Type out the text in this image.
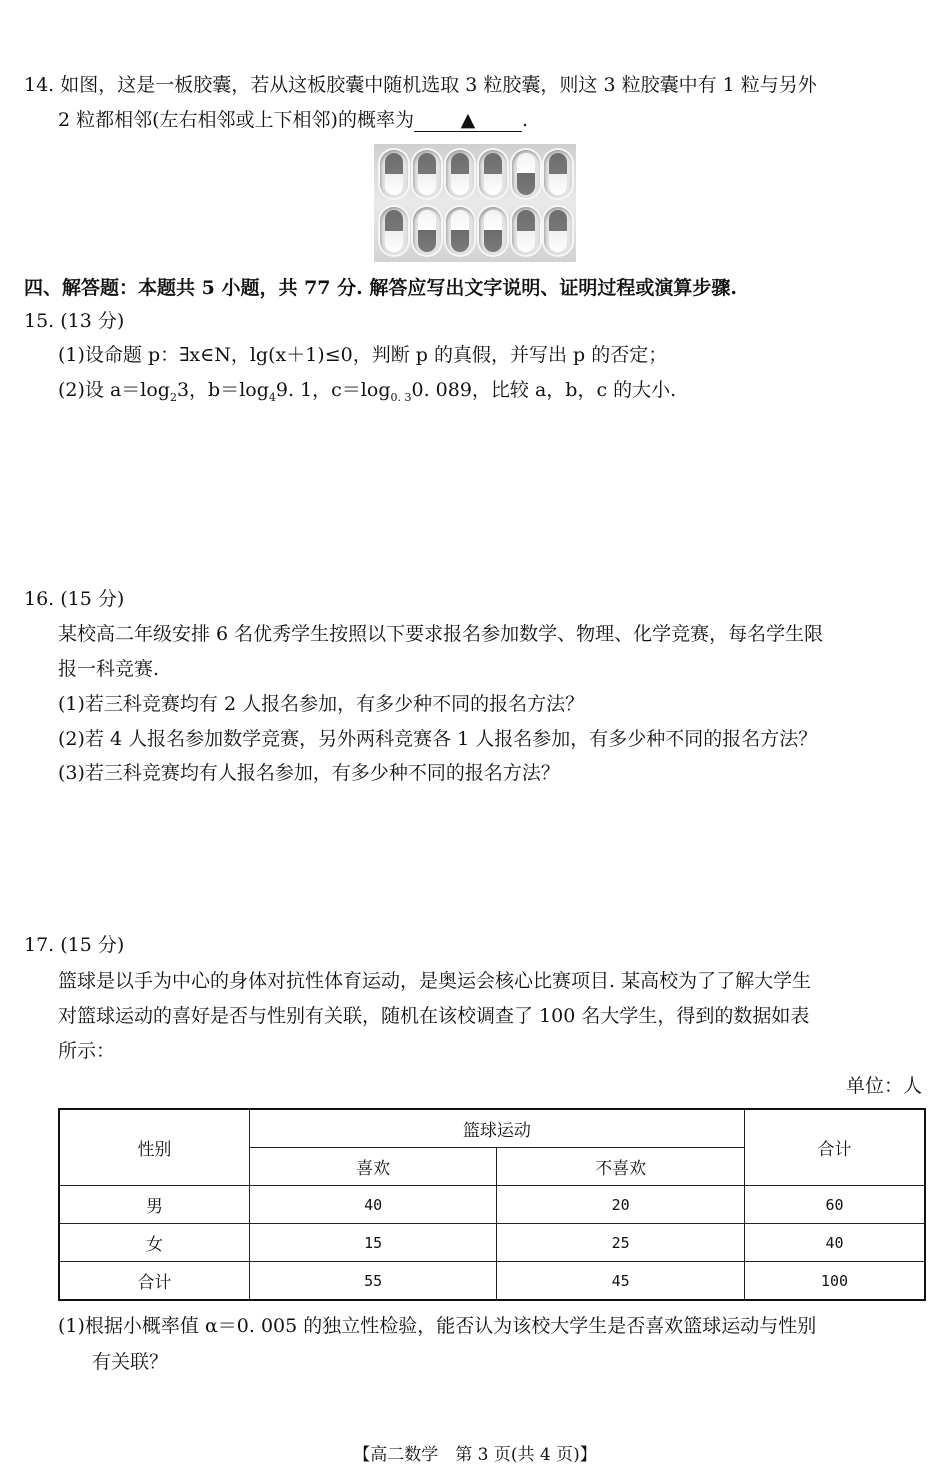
14. 如图，这是一板胶囊，若从这板胶囊中随机选取 3 粒胶囊，则这 3 粒胶囊中有 1 粒与另外
2 粒都相邻(左右相邻或上下相邻)的概率为 ▲ .
四、解答题：本题共 5 小题，共 77 分. 解答应写出文字说明、证明过程或演算步骤.
15. (13 分)
(1)设命题 p：∃x∈N，lg(x＋1)≤0，判断 p 的真假，并写出 p 的否定；
(2)设 $a=\log_23$，$b=\log_49$. 1，$c=\log_{0. 3}0$. 089，比较 a，b，c 的大小.
16. (15 分)
某校高二年级安排 6 名优秀学生按照以下要求报名参加数学、物理、化学竞赛，每名学生限
报一科竞赛.
(1)若三科竞赛均有 2 人报名参加，有多少种不同的报名方法？
(2)若 4 人报名参加数学竞赛，另外两科竞赛各 1 人报名参加，有多少种不同的报名方法？
(3)若三科竞赛均有人报名参加，有多少种不同的报名方法？
17. (15 分)
篮球是以手为中心的身体对抗性体育运动，是奥运会核心比赛项目. 某高校为了了解大学生
对篮球运动的喜好是否与性别有关联，随机在该校调查了 100 名大学生，得到的数据如表
所示：
单位：人
性别	篮球运动		合计
	喜欢	不喜欢	
男	40	20	60
女	15	25	40
合计	55	45	100
(1)根据小概率值 α＝0. 005 的独立性检验，能否认为该校大学生是否喜欢篮球运动与性别
有关联？
【高二数学　第 3 页(共 4 页)】
